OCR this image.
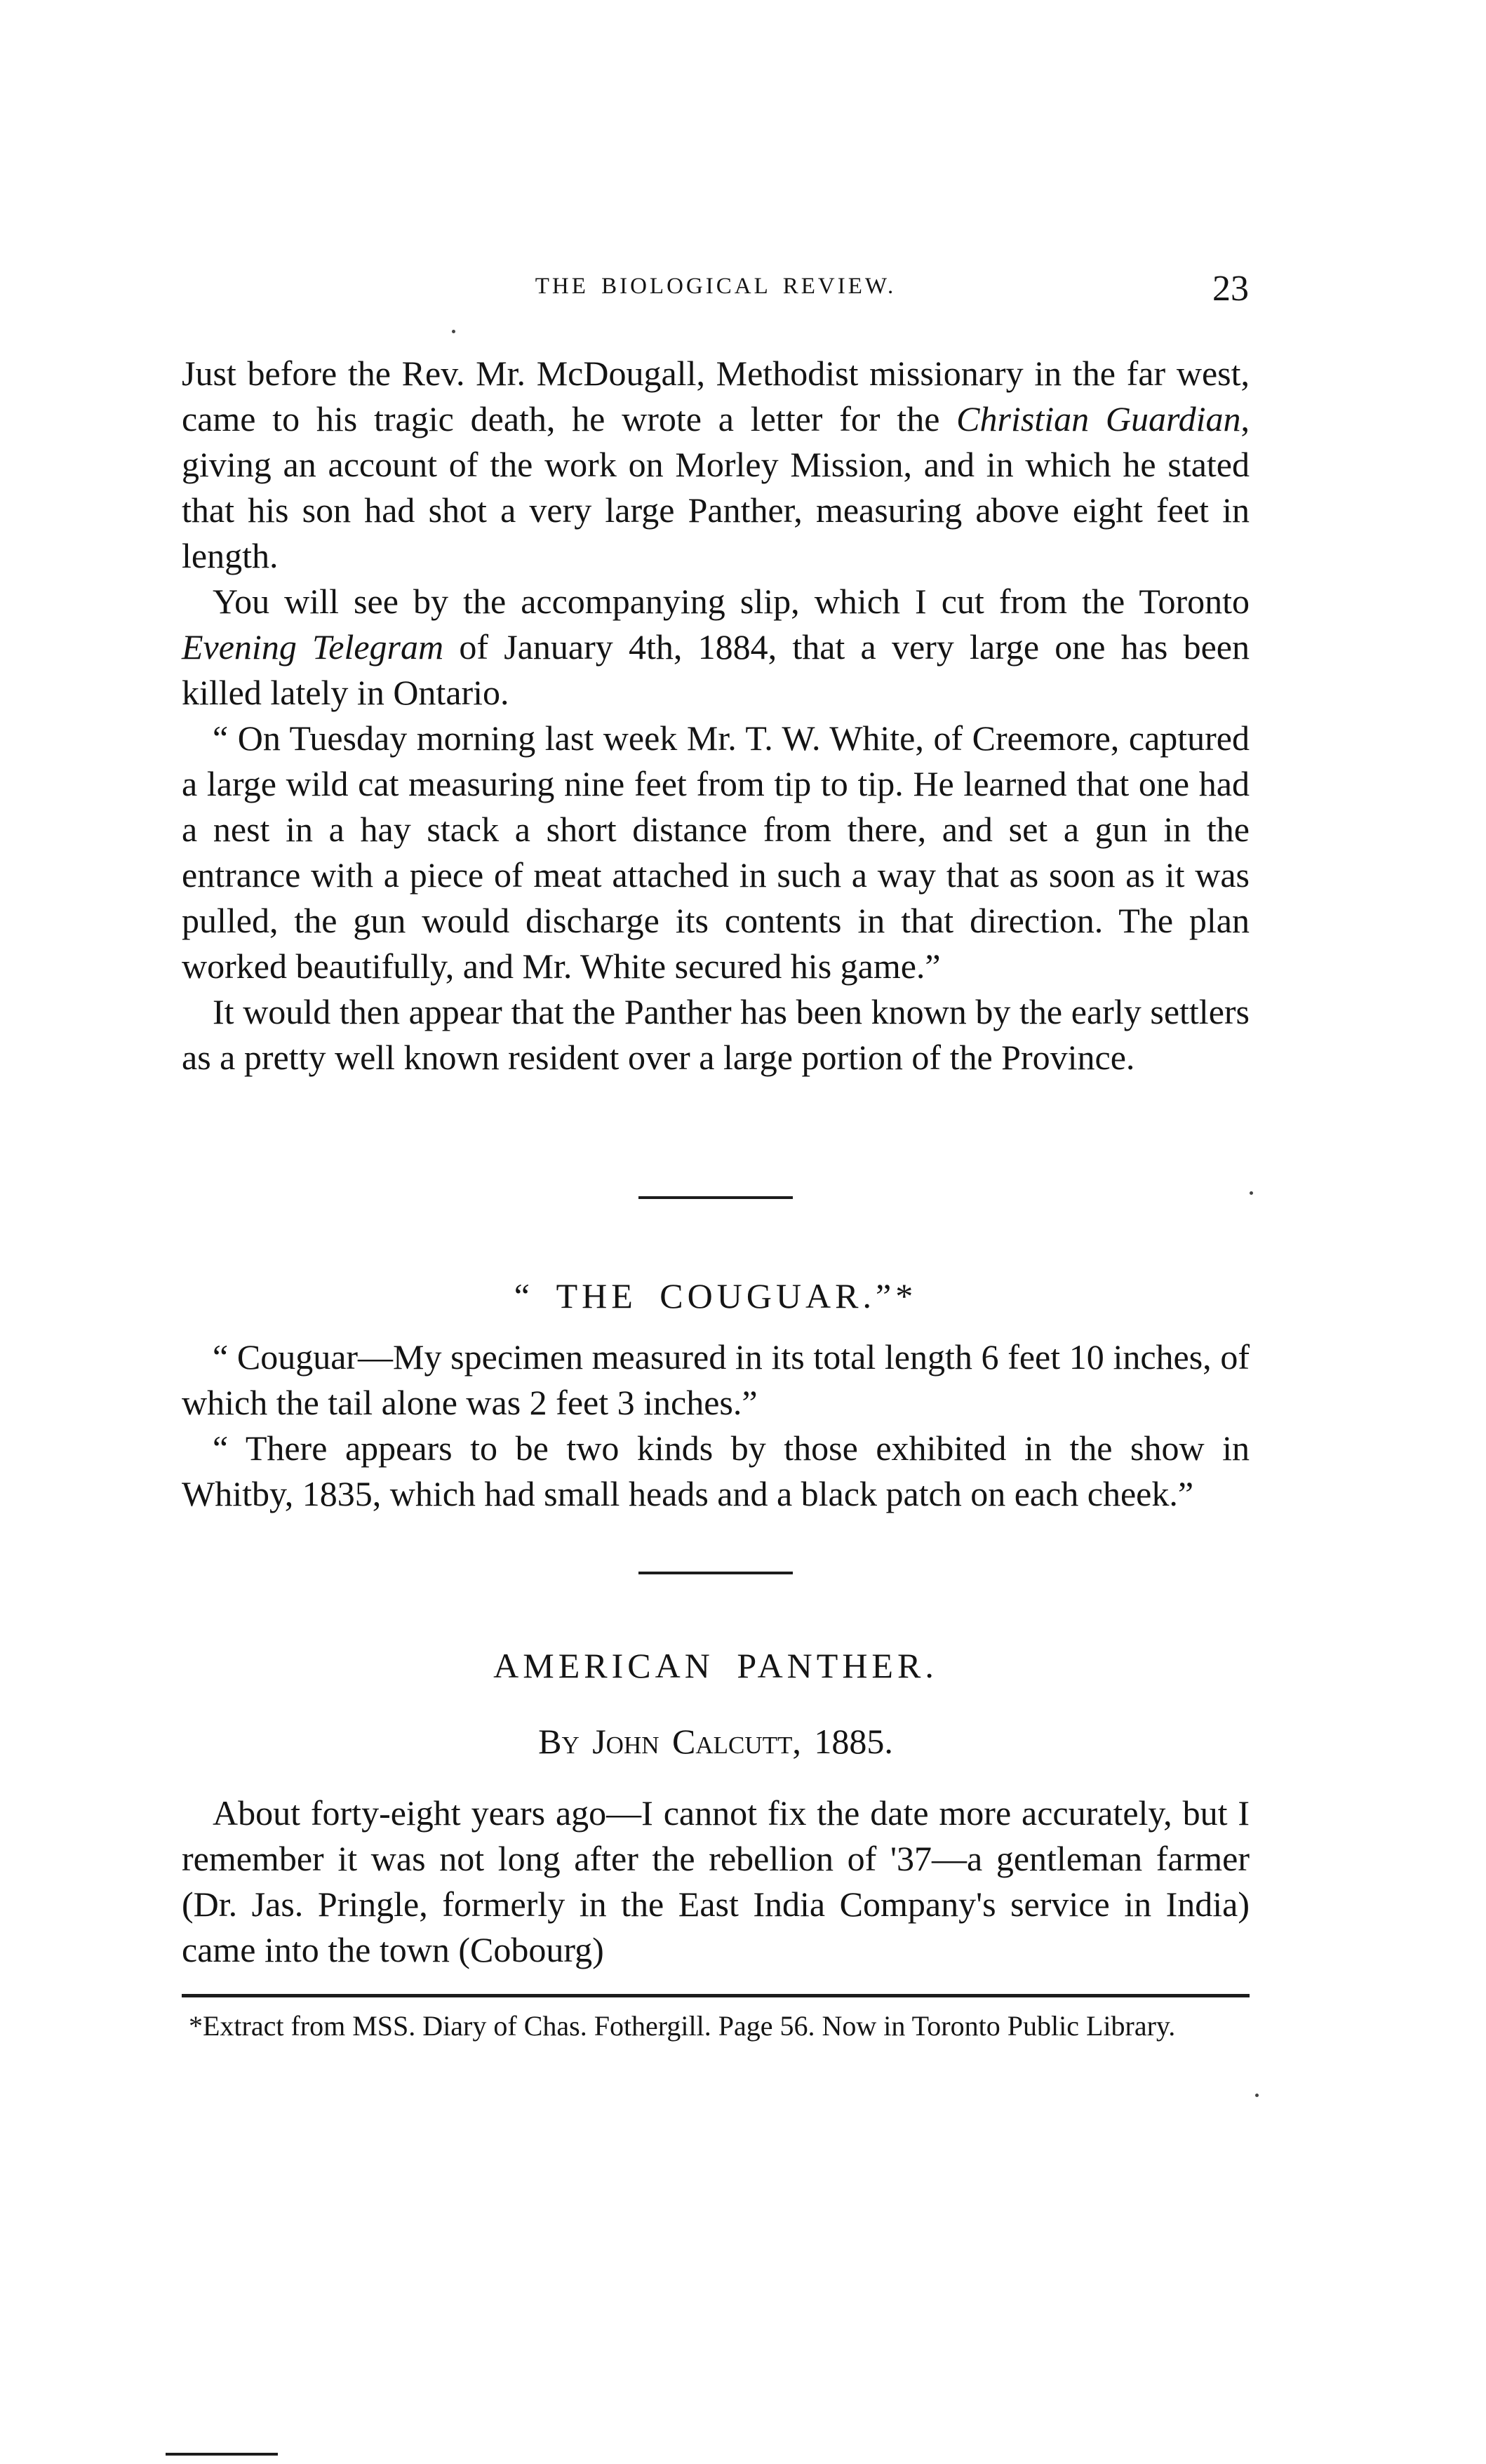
THE BIOLOGICAL REVIEW.	23

Just before the Rev. Mr. McDougall, Methodist missionary in the far west, came to his tragic death, he wrote a letter for the Christian Guardian, giving an account of the work on Morley Mission, and in which he stated that his son had shot a very large Panther, measuring above eight feet in length.

You will see by the accompanying slip, which I cut from the Toronto Evening Telegram of January 4th, 1884, that a very large one has been killed lately in Ontario.

“ On Tuesday morning last week Mr. T. W. White, of Creemore, captured a large wild cat measuring nine feet from tip to tip. He learned that one had a nest in a hay stack a short distance from there, and set a gun in the entrance with a piece of meat attached in such a way that as soon as it was pulled, the gun would discharge its contents in that direction. The plan worked beautifully, and Mr. White secured his game.”

It would then appear that the Panther has been known by the early settlers as a pretty well known resident over a large portion of the Province.

“ THE COUGUAR.”*

“ Couguar—My specimen measured in its total length 6 feet 10 inches, of which the tail alone was 2 feet 3 inches.”

“ There appears to be two kinds by those exhibited in the show in Whitby, 1835, which had small heads and a black patch on each cheek.”

AMERICAN PANTHER.
By John Calcutt, 1885.

About forty-eight years ago—I cannot fix the date more accurately, but I remember it was not long after the rebellion of '37—a gentleman farmer (Dr. Jas. Pringle, formerly in the East India Company's service in India) came into the town (Cobourg)

*Extract from MSS. Diary of Chas. Fothergill. Page 56. Now in Toronto Public Library.
